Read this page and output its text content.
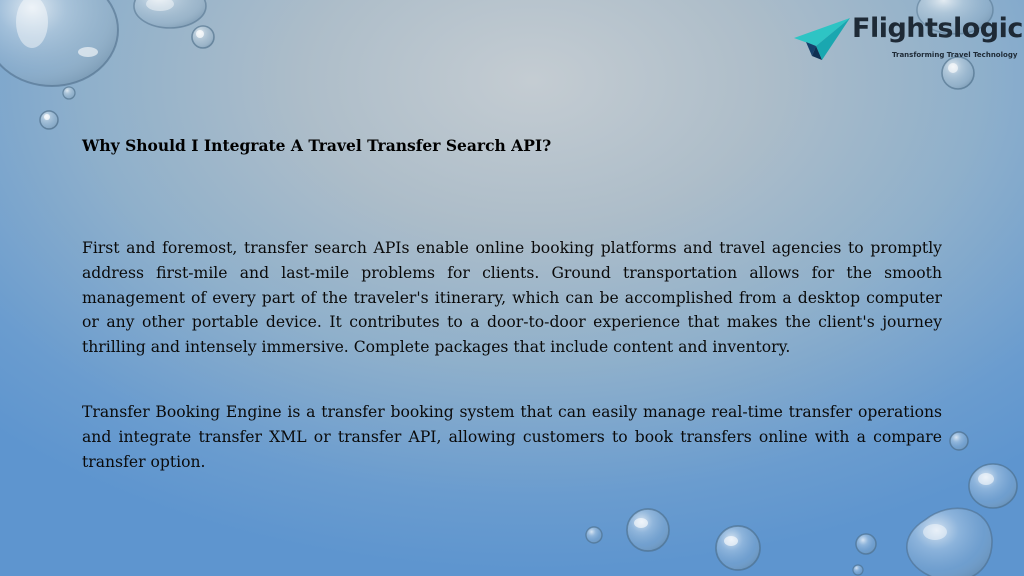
Flightslogic
Transforming Travel Technology
Why Should I Integrate A Travel Transfer Search API?

First and foremost, transfer search APIs enable online booking platforms and travel agencies to promptly address first-mile and last-mile problems for clients. Ground transportation allows for the smooth management of every part of the traveler's itinerary, which can be accomplished from a desktop computer or any other portable device. It contributes to a door-to-door experience that makes the client's journey thrilling and intensely immersive. Complete packages that include content and inventory.

Transfer Booking Engine is a transfer booking system that can easily manage real-time transfer operations and integrate transfer XML or transfer API, allowing customers to book transfers online with a compare transfer option.
